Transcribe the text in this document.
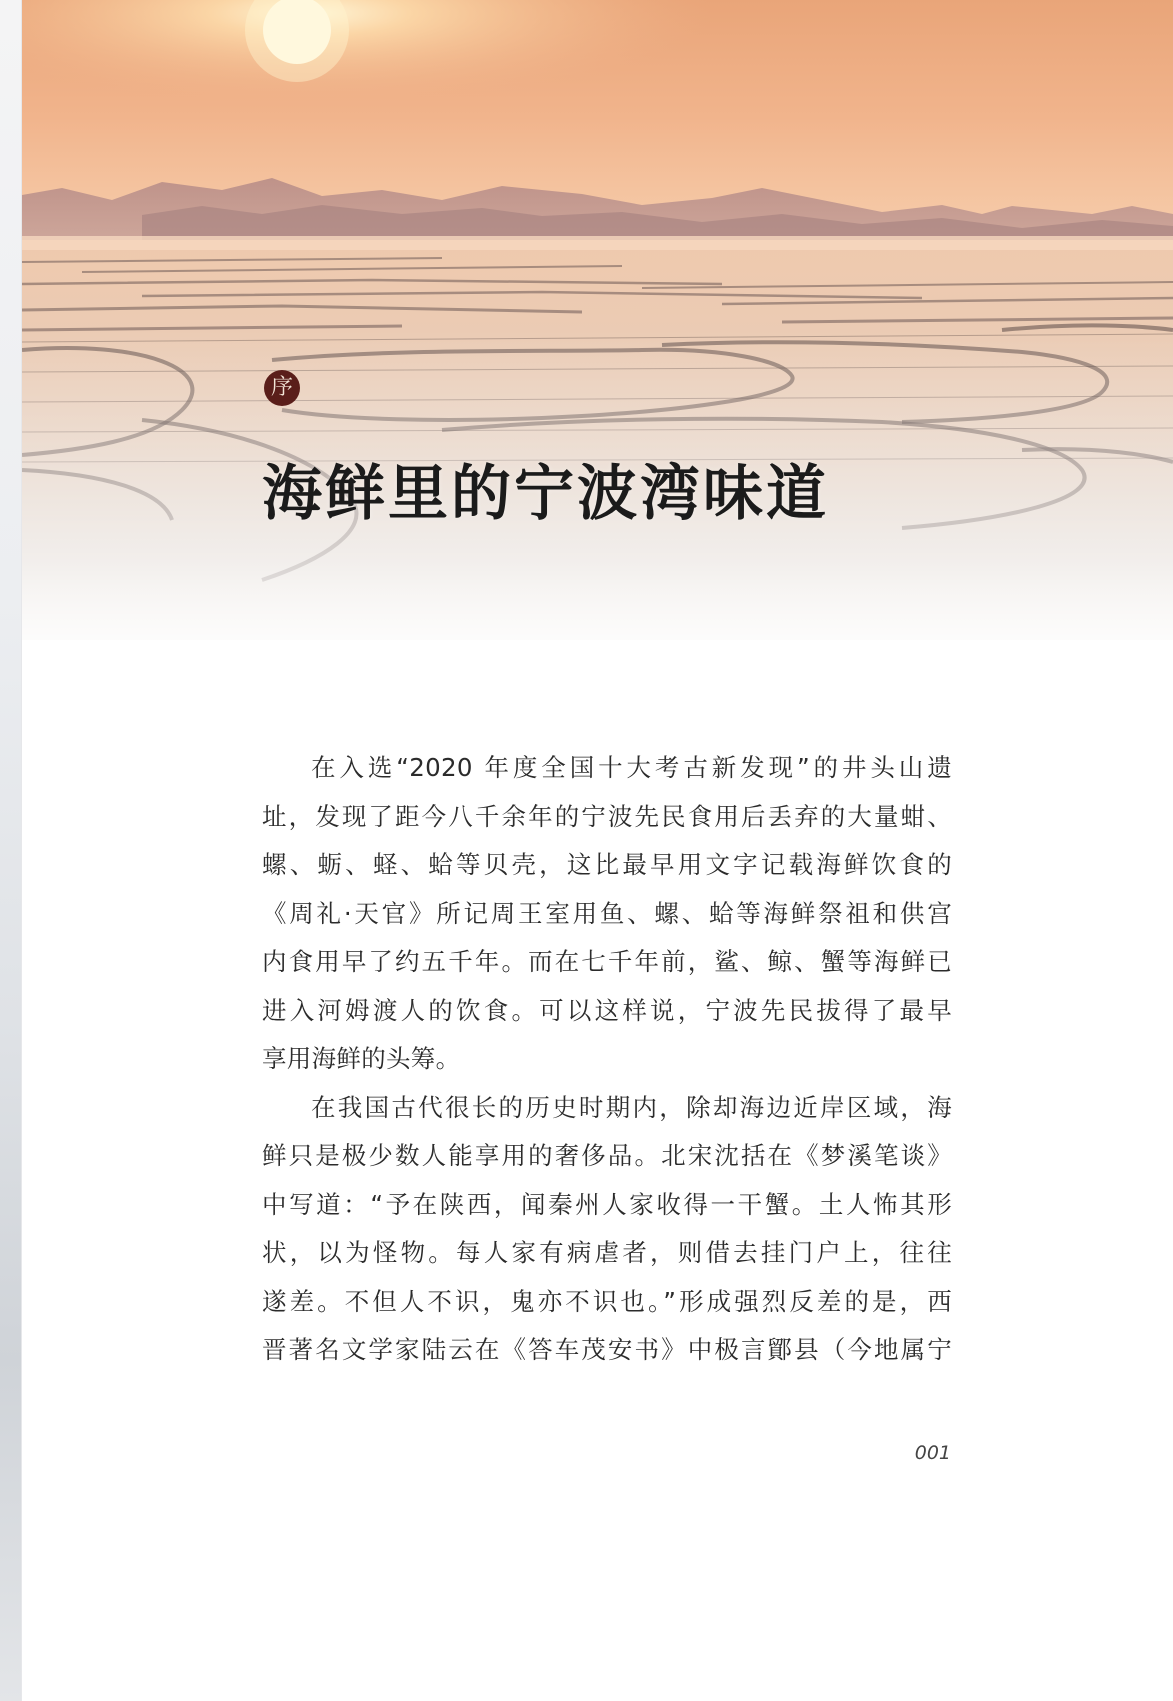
序
海鲜里的宁波湾味道
在入选“2020 年度全国十大考古新发现”的井头山遗
址，发现了距今八千余年的宁波先民食用后丢弃的大量蚶、
螺、蛎、蛏、蛤等贝壳，这比最早用文字记载海鲜饮食的
《周礼·天官》所记周王室用鱼、螺、蛤等海鲜祭祖和供宫
内食用早了约五千年。而在七千年前，鲨、鲸、蟹等海鲜已
进入河姆渡人的饮食。可以这样说，宁波先民拔得了最早
享用海鲜的头筹。
在我国古代很长的历史时期内，除却海边近岸区域，海
鲜只是极少数人能享用的奢侈品。北宋沈括在《梦溪笔谈》
中写道：“予在陕西，闻秦州人家收得一干蟹。土人怖其形
状，以为怪物。每人家有病虐者，则借去挂门户上，往往
遂差。不但人不识，鬼亦不识也。”形成强烈反差的是，西
晋著名文学家陆云在《答车茂安书》中极言鄮县（今地属宁
001
